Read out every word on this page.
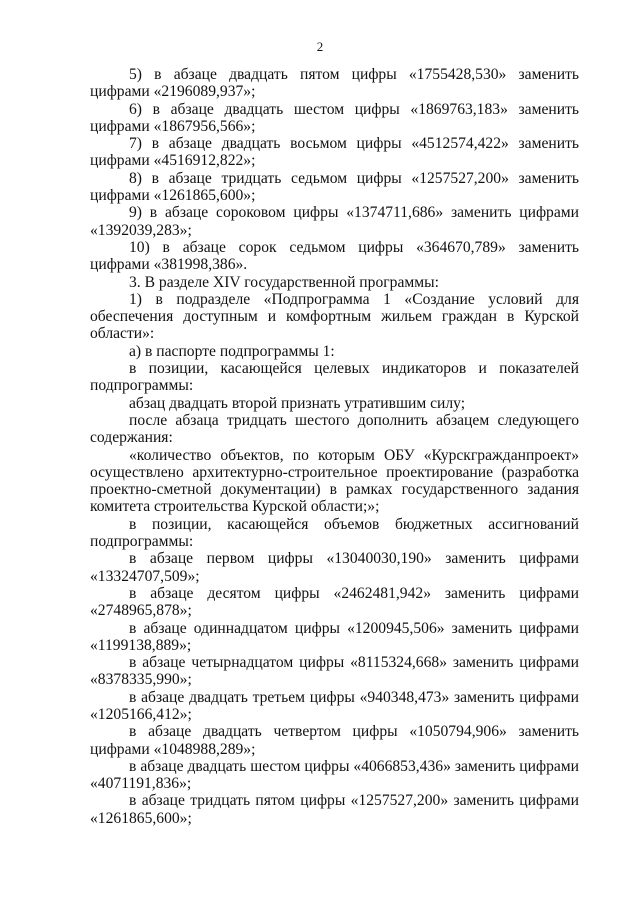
2

5) в абзаце двадцать пятом цифры «1755428,530» заменить цифрами «2196089,937»;

6) в абзаце двадцать шестом цифры «1869763,183» заменить цифрами «1867956,566»;

7) в абзаце двадцать восьмом цифры «4512574,422» заменить цифрами «4516912,822»;

8) в абзаце тридцать седьмом цифры «1257527,200» заменить цифрами «1261865,600»;

9) в абзаце сороковом цифры «1374711,686» заменить цифрами «1392039,283»;

10) в абзаце сорок седьмом цифры «364670,789» заменить цифрами «381998,386».

3. В разделе XIV государственной программы:

1) в подразделе «Подпрограмма 1 «Создание условий для обеспечения доступным и комфортным жильем граждан в Курской области»:

а) в паспорте подпрограммы 1:

в позиции, касающейся целевых индикаторов и показателей подпрограммы:

абзац двадцать второй признать утратившим силу;

после абзаца тридцать шестого дополнить абзацем следующего содержания:

«количество объектов, по которым ОБУ «Курскгражданпроект» осуществлено архитектурно-строительное проектирование (разработка проектно-сметной документации) в рамках государственного задания комитета строительства Курской области;»;

в позиции, касающейся объемов бюджетных ассигнований подпрограммы:

в абзаце первом цифры «13040030,190» заменить цифрами «13324707,509»;

в абзаце десятом цифры «2462481,942» заменить цифрами «2748965,878»;

в абзаце одиннадцатом цифры «1200945,506» заменить цифрами «1199138,889»;

в абзаце четырнадцатом цифры «8115324,668» заменить цифрами «8378335,990»;

в абзаце двадцать третьем цифры «940348,473» заменить цифрами «1205166,412»;

в абзаце двадцать четвертом цифры «1050794,906» заменить цифрами «1048988,289»;

в абзаце двадцать шестом цифры «4066853,436» заменить цифрами «4071191,836»;

в абзаце тридцать пятом цифры «1257527,200» заменить цифрами «1261865,600»;
